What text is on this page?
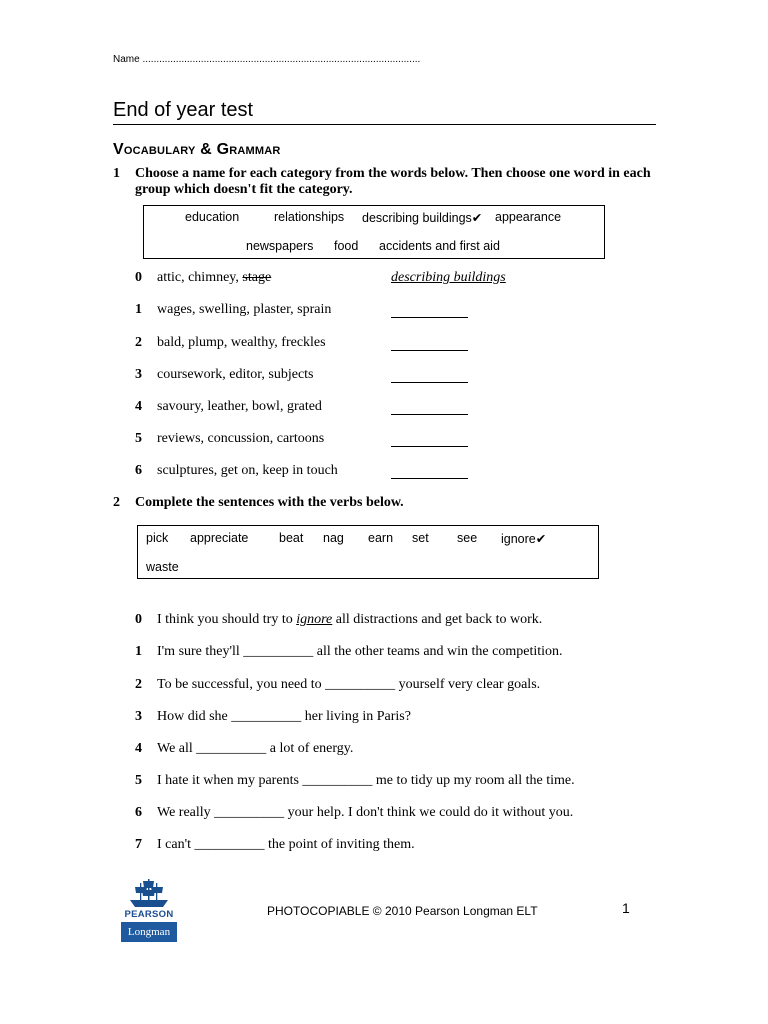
Name ....................................................................................................
End of year test
Vocabulary & Grammar
1 Choose a name for each category from the words below. Then choose one word in each group which doesn't fit the category.
education	relationships describing buildings✔ appearance
newspapers food accidents and first aid
0 attic, chimney, stage	describing buildings
1 wages, swelling, plaster, sprain
2 bald, plump, wealthy, freckles
3 coursework, editor, subjects
4 savoury, leather, bowl, grated
5 reviews, concussion, cartoons
6 sculptures, get on, keep in touch
2 Complete the sentences with the verbs below.
pick appreciate beat nag earn set see ignore✔
waste
0 I think you should try to ignore all distractions and get back to work.
1 I'm sure they'll __________ all the other teams and win the competition.
2 To be successful, you need to __________ yourself very clear goals.
3 How did she __________ her living in Paris?
4 We all __________ a lot of energy.
5 I hate it when my parents __________ me to tidy up my room all the time.
6 We really __________ your help. I don't think we could do it without you.
7 I can't __________ the point of inviting them.
PEARSON
Longman
PHOTOCOPIABLE © 2010 Pearson Longman ELT	1
